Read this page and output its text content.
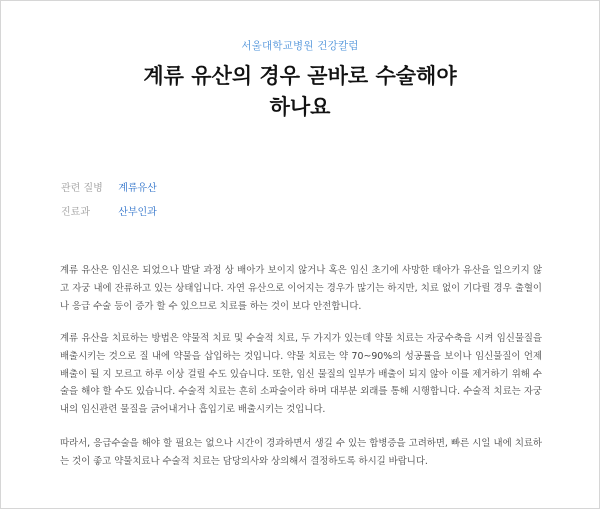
서울대학교병원 건강칼럼
계류 유산의 경우 곧바로 수술해야
하나요
관련 질병 계류유산
진료과	산부인과

계류 유산은 임신은 되었으나 발달 과정 상 배아가 보이지 않거나 혹은 임신 초기에 사망한 태아가 유산을 일으키지 않고 자궁 내에 잔류하고 있는 상태입니다. 자연 유산으로 이어지는 경우가 많기는 하지만, 치료 없이 기다릴 경우 출혈이나 응급 수술 등이 증가 할 수 있으므로 치료를 하는 것이 보다 안전합니다.

계류 유산을 치료하는 방법은 약물적 치료 및 수술적 치료, 두 가지가 있는데 약물 치료는 자궁수축을 시켜 임신물질을 배출시키는 것으로 질 내에 약물을 삽입하는 것입니다. 약물 치료는 약 70~90%의 성공률을 보이나 임신물질이 언제 배출이 될 지 모르고 하루 이상 걸릴 수도 있습니다. 또한, 임신 물질의 일부가 배출이 되지 않아 이를 제거하기 위해 수술을 해야 할 수도 있습니다. 수술적 치료는 흔히 소파술이라 하며 대부분 외래를 통해 시행합니다. 수술적 치료는 자궁내의 임신관련 물질을 긁어내거나 흡입기로 배출시키는 것입니다.

따라서, 응급수술을 해야 할 필요는 없으나 시간이 경과하면서 생길 수 있는 합병증을 고려하면, 빠른 시일 내에 치료하는 것이 좋고 약물치료나 수술적 치료는 담당의사와 상의해서 결정하도록 하시길 바랍니다.
